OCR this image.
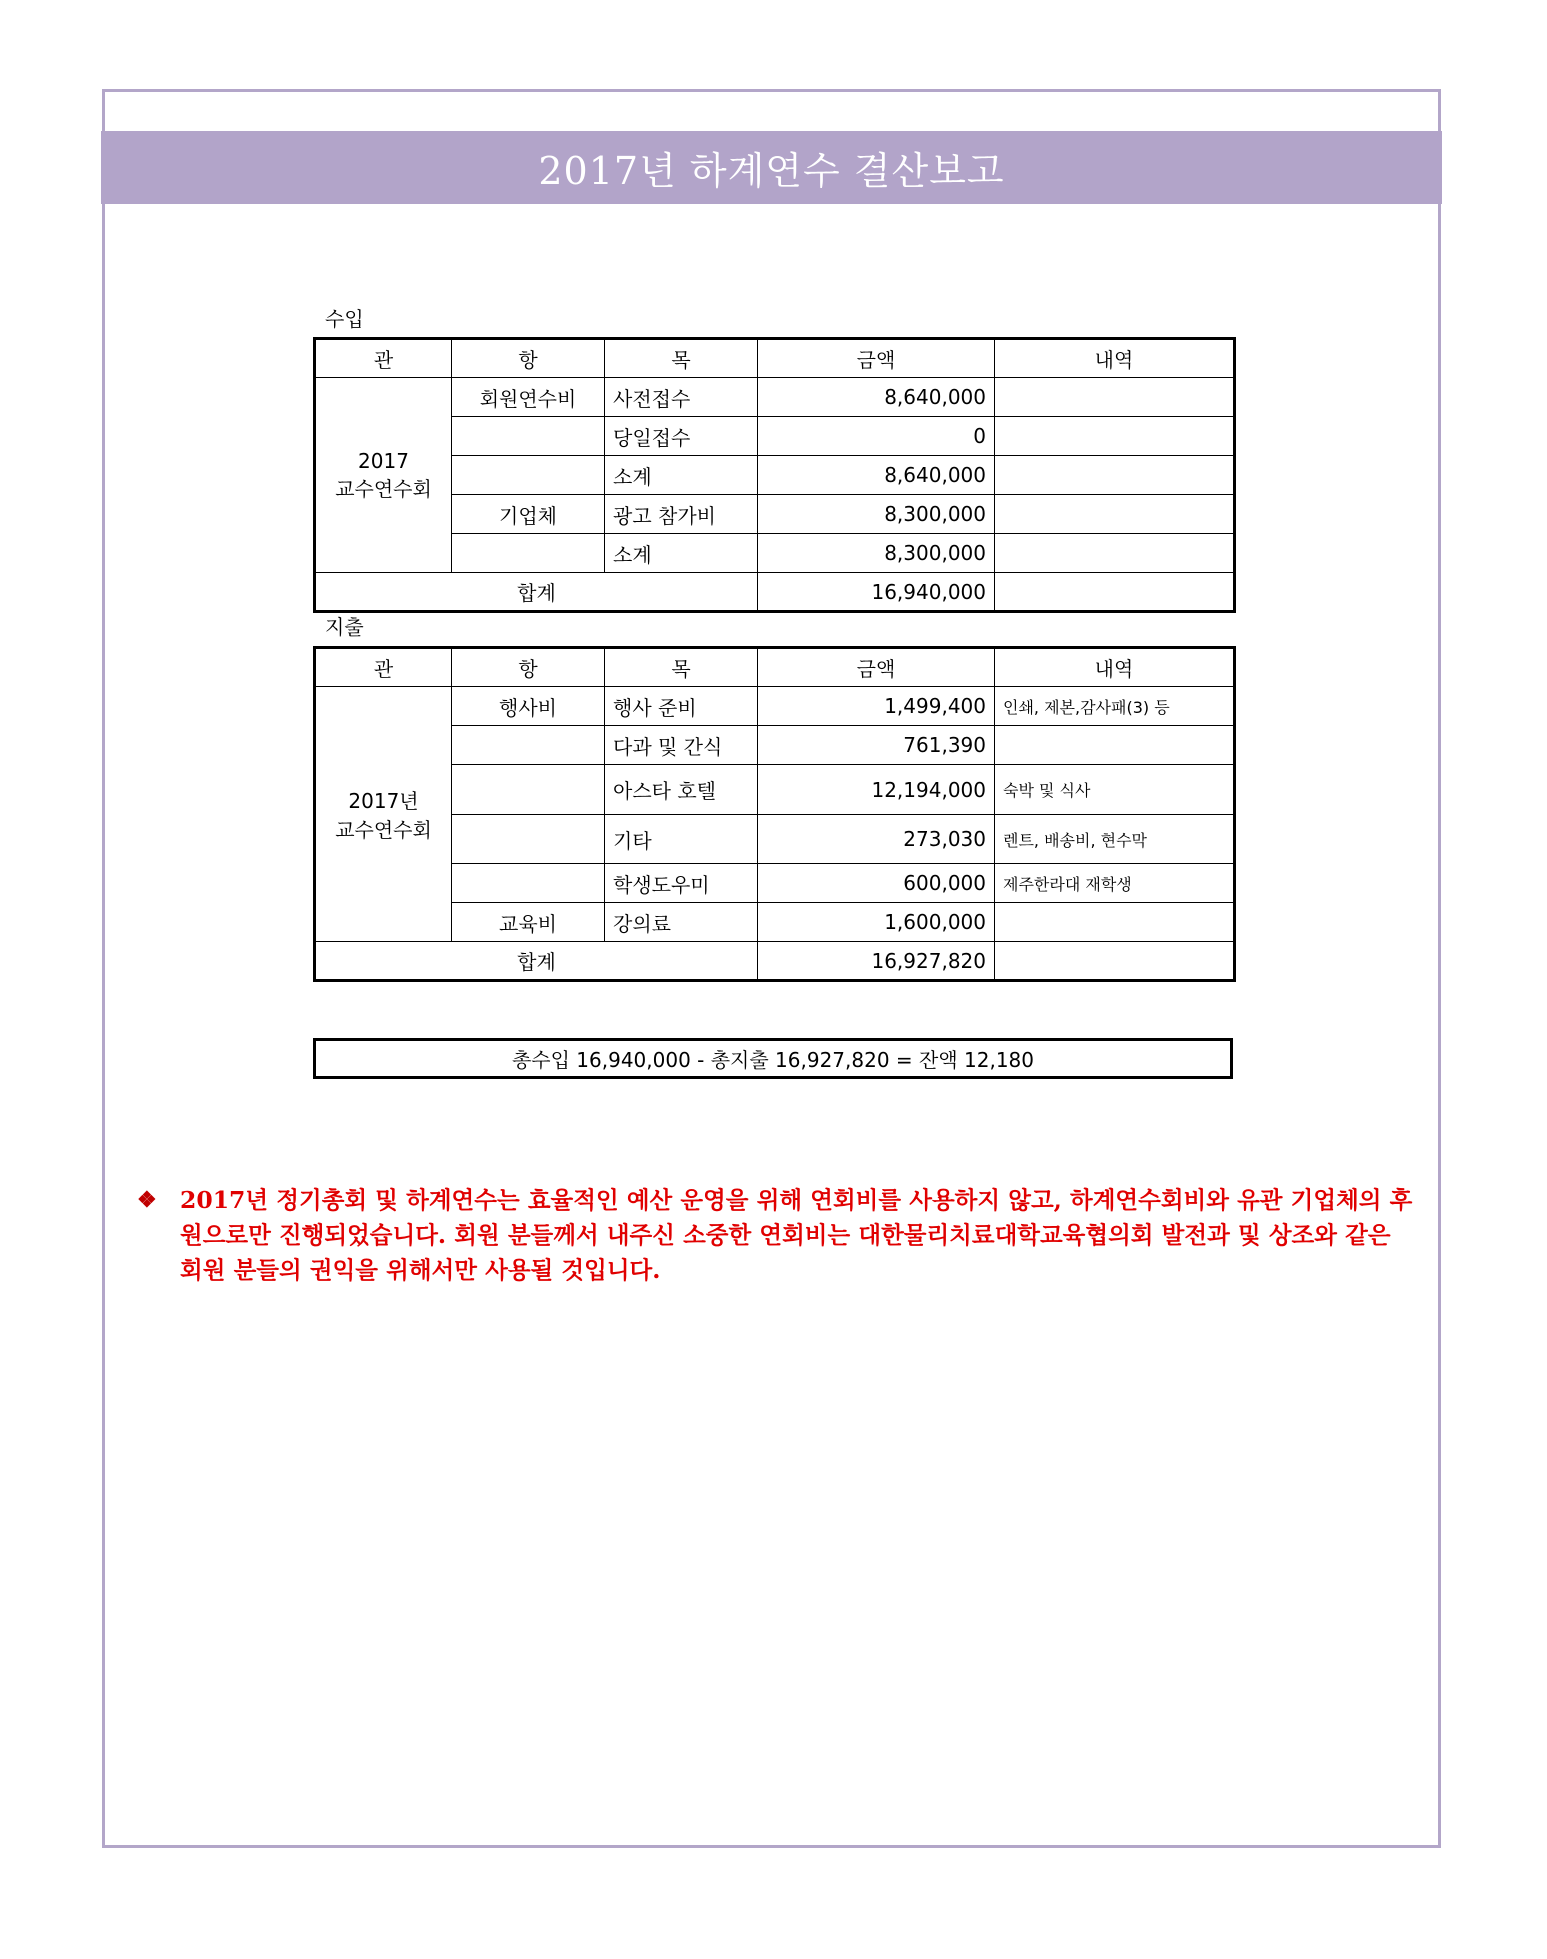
2017년 하계연수 결산보고
수입
관	항	목	금액	내역

2017
교수연수회	회원연수비	사전접수	8,640,000	
		당일접수	0	
		소계	8,640,000	
	기업체	광고 참가비	8,300,000	
		소계	8,300,000	
합계			16,940,000	
지출
관	항	목	금액	내역

2017년
교수연수회	행사비	행사 준비	1,499,400	인쇄, 제본,감사패(3) 등
		다과 및 간식	761,390	
		아스타 호텔	12,194,000	숙박 및 식사
		기타	273,030	렌트, 배송비, 현수막
		학생도우미	600,000	제주한라대 재학생
	교육비	강의료	1,600,000	
합계			16,927,820	
총수입 16,940,000 - 총지출 16,927,820 = 잔액 12,180
❖ 2017년 정기총회 및 하계연수는 효율적인 예산 운영을 위해 연회비를 사용하지 않고, 하계연수회비와 유관 기업체의 후원으로만 진행되었습니다. 회원 분들께서 내주신 소중한 연회비는 대한물리치료대학교육협의회 발전과 및 상조와 같은 회원 분들의 권익을 위해서만 사용될 것입니다.
